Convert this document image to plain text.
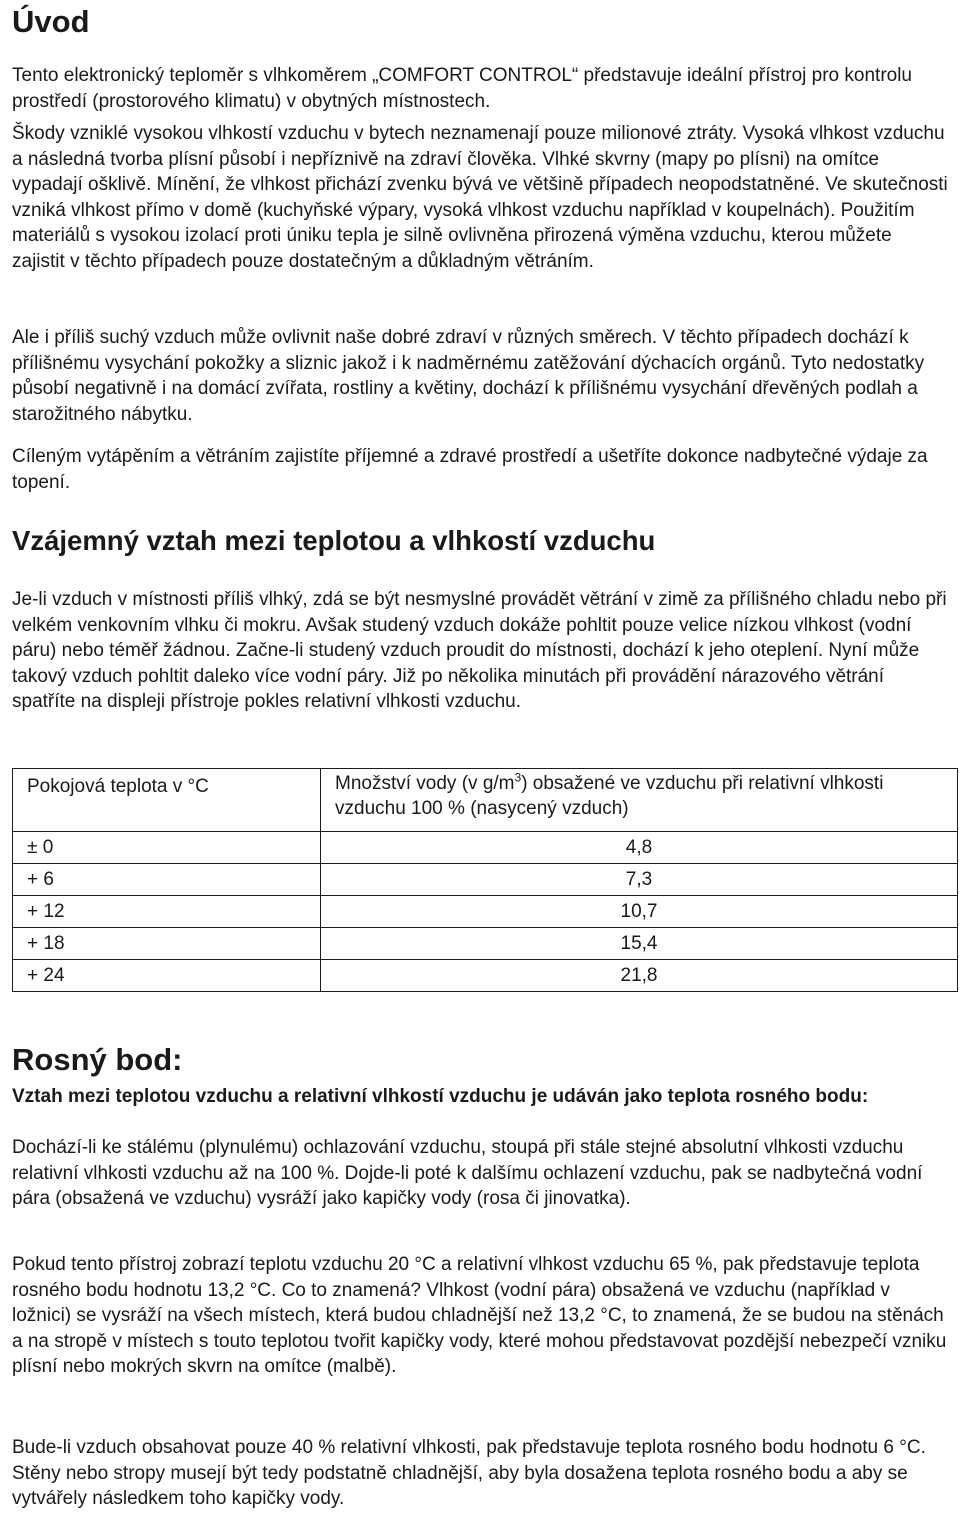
Úvod

Tento elektronický teploměr s vlhkoměrem „COMFORT CONTROL“ představuje ideální přístroj pro kontrolu prostředí (prostorového klimatu) v obytných místnostech.

Škody vzniklé vysokou vlhkostí vzduchu v bytech neznamenají pouze milionové ztráty. Vysoká vlhkost vzduchu a následná tvorba plísní působí i nepříznivě na zdraví člověka. Vlhké skvrny (mapy po plísni) na omítce vypadají ošklivě. Mínění, že vlhkost přichází zvenku bývá ve většině případech neopodstatněné. Ve skutečnosti vzniká vlhkost přímo v domě (kuchyňské výpary, vysoká vlhkost vzduchu například v koupelnách). Použitím materiálů s vysokou izolací proti úniku tepla je silně ovlivněna přirozená výměna vzduchu, kterou můžete zajistit v těchto případech pouze dostatečným a důkladným větráním.

Ale i příliš suchý vzduch může ovlivnit naše dobré zdraví v různých směrech. V těchto případech dochází k přílišnému vysychání pokožky a sliznic jakož i k nadměrnému zatěžování dýchacích orgánů. Tyto nedostatky působí negativně i na domácí zvířata, rostliny a květiny, dochází k přílišnému vysychání dřevěných podlah a starožitného nábytku.

Cíleným vytápěním a větráním zajistíte příjemné a zdravé prostředí a ušetříte dokonce nadbytečné výdaje za topení.

Vzájemný vztah mezi teplotou a vlhkostí vzduchu

Je-li vzduch v místnosti příliš vlhký, zdá se být nesmyslné provádět větrání v zimě za přílišného chladu nebo při velkém venkovním vlhku či mokru. Avšak studený vzduch dokáže pohltit pouze velice nízkou vlhkost (vodní páru) nebo téměř žádnou. Začne-li studený vzduch proudit do místnosti, dochází k jeho oteplení. Nyní může takový vzduch pohltit daleko více vodní páry. Již po několika minutách při provádění nárazového větrání spatříte na displeji přístroje pokles relativní vlhkosti vzduchu.

Pokojová teplota v °C	Množství vody (v $g/m^3$) obsažené ve vzduchu při relativní vlhkosti vzduchu 100 % (nasycený vzduch)
± 0	4,8
+ 6	7,3
+ 12	10,7
+ 18	15,4
+ 24	21,8
Rosný bod:

Vztah mezi teplotou vzduchu a relativní vlhkostí vzduchu je udáván jako teplota rosného bodu:

Dochází-li ke stálému (plynulému) ochlazování vzduchu, stoupá při stále stejné absolutní vlhkosti vzduchu relativní vlhkosti vzduchu až na 100 %. Dojde-li poté k dalšímu ochlazení vzduchu, pak se nadbytečná vodní pára (obsažená ve vzduchu) vysráží jako kapičky vody (rosa či jinovatka).

Pokud tento přístroj zobrazí teplotu vzduchu 20 °C a relativní vlhkost vzduchu 65 %, pak představuje teplota rosného bodu hodnotu 13,2 °C. Co to znamená? Vlhkost (vodní pára) obsažená ve vzduchu (například v ložnici) se vysráží na všech místech, která budou chladnější než 13,2 °C, to znamená, že se budou na stěnách a na stropě v místech s touto teplotou tvořit kapičky vody, které mohou představovat pozdější nebezpečí vzniku plísní nebo mokrých skvrn na omítce (malbě).

Bude-li vzduch obsahovat pouze 40 % relativní vlhkosti, pak představuje teplota rosného bodu hodnotu 6 °C. Stěny nebo stropy musejí být tedy podstatně chladnější, aby byla dosažena teplota rosného bodu a aby se vytvářely následkem toho kapičky vody.
